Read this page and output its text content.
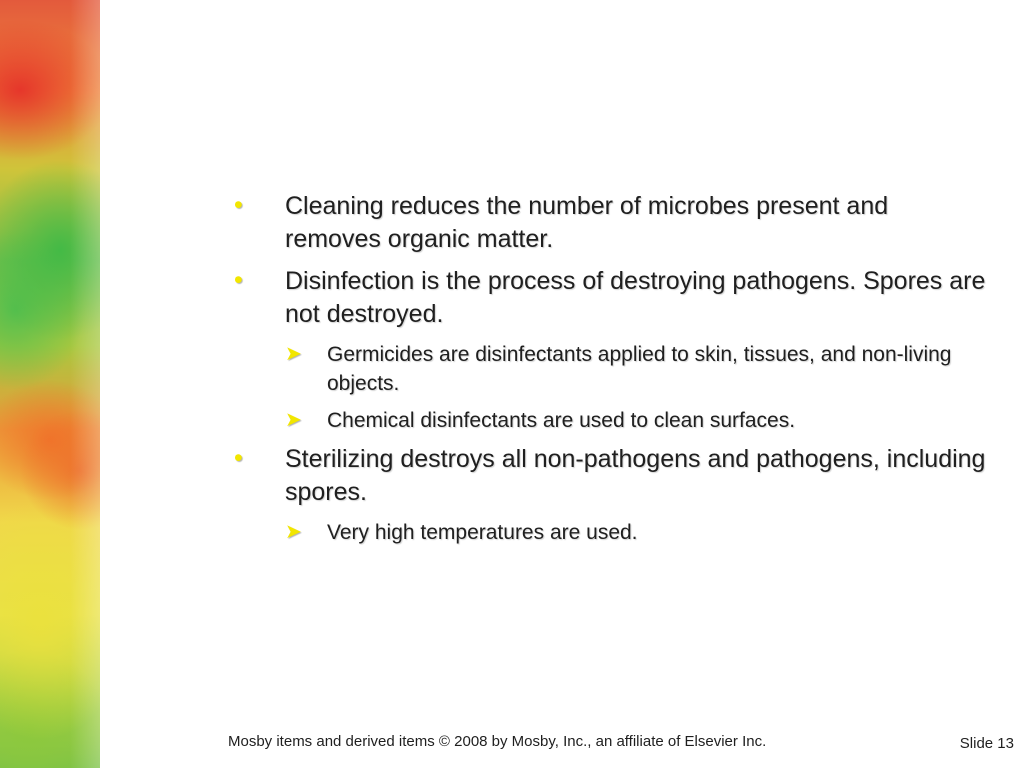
• Cleaning reduces the number of microbes present and removes organic matter.
• Disinfection is the process of destroying pathogens. Spores are not destroyed.
➤ Germicides are disinfectants applied to skin, tissues, and non-living objects.
➤ Chemical disinfectants are used to clean surfaces.
• Sterilizing destroys all non-pathogens and pathogens, including spores.
➤ Very high temperatures are used.
Mosby items and derived items © 2008 by Mosby, Inc., an affiliate of Elsevier Inc.	Slide 13
